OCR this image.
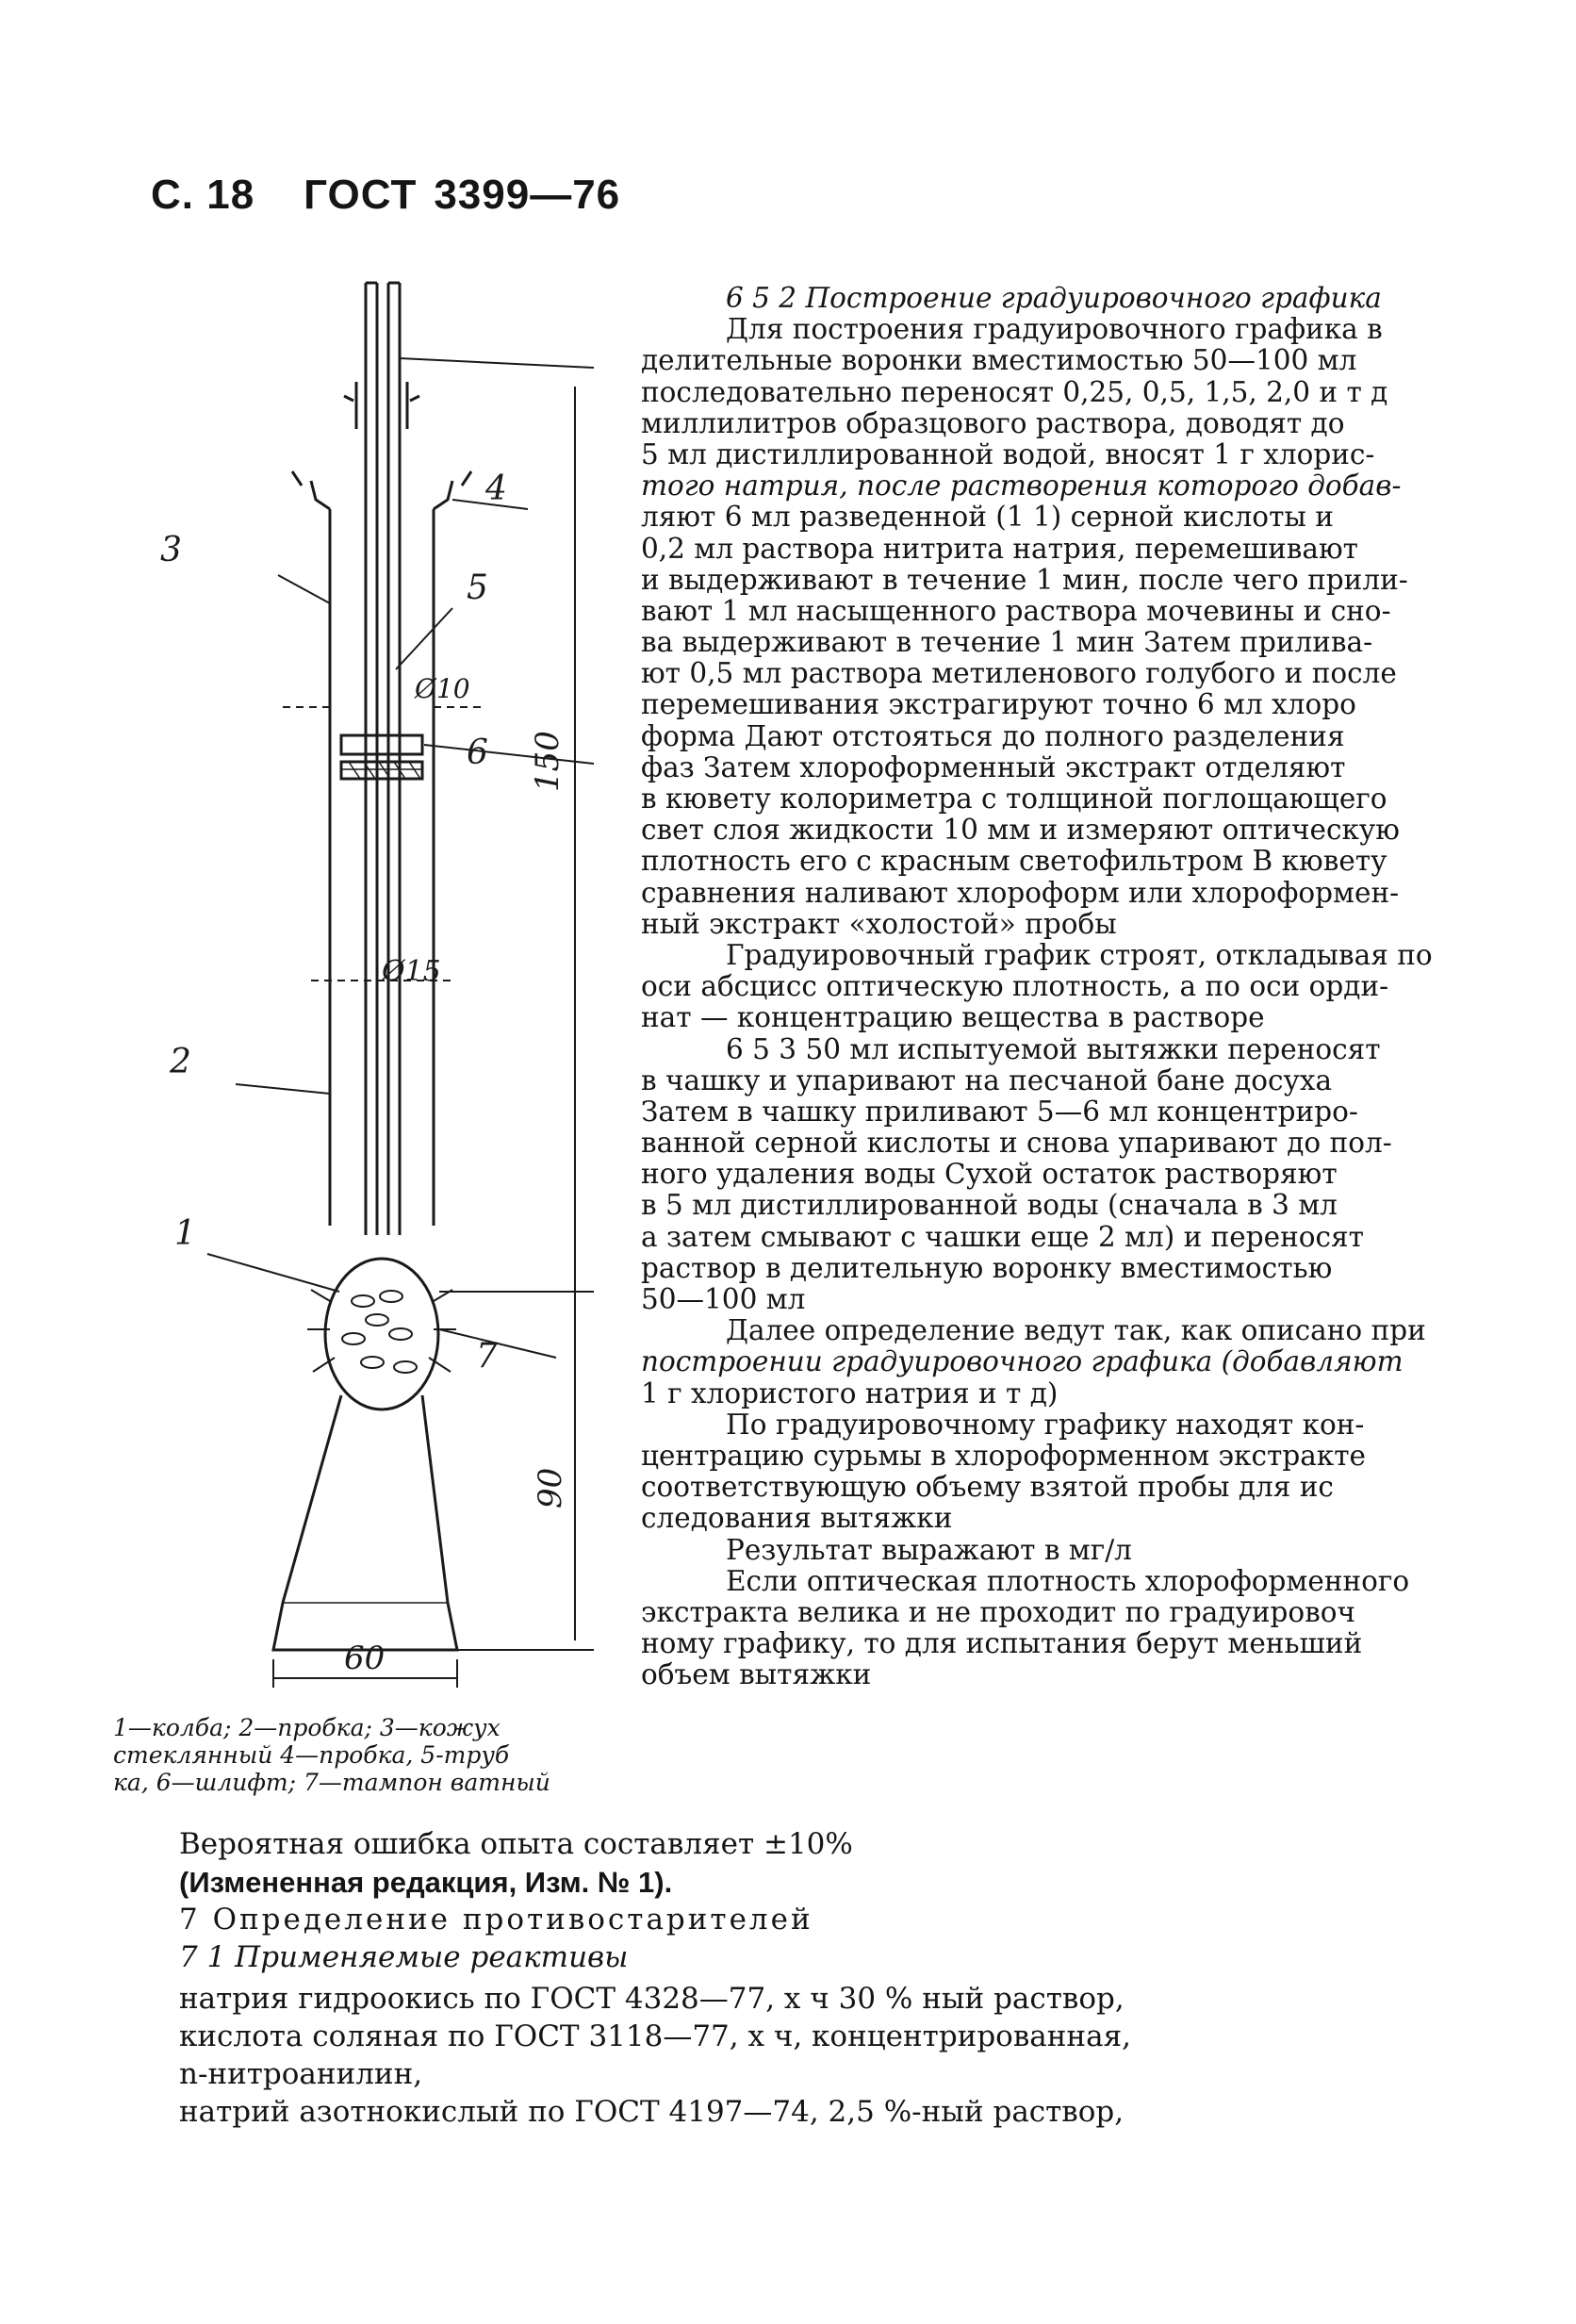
С. 18 ГОСТ 3399—76
3
4
5
6
7
2
1
Ø10
Ø15
150
90
60
1—колба; 2—пробка; 3—кожух
стеклянный 4—пробка, 5-труб
ка, 6—шлифт; 7—тампон ватный
6 5 2 Построение градуировочного графика
Для построения градуировочного графика в
делительные воронки вместимостью 50—100 мл
последовательно переносят 0,25, 0,5, 1,5, 2,0 и т д
миллилитров образцового раствора, доводят до
5 мл дистиллированной водой, вносят 1 г хлорис-
того натрия, после растворения которого добав-
ляют 6 мл разведенной (1 1) серной кислоты и
0,2 мл раствора нитрита натрия, перемешивают
и выдерживают в течение 1 мин, после чего прили-
вают 1 мл насыщенного раствора мочевины и сно-
ва выдерживают в течение 1 мин Затем прилива-
ют 0,5 мл раствора метиленового голубого и после
перемешивания экстрагируют точно 6 мл хлоро
форма Дают отстояться до полного разделения
фаз Затем хлороформенный экстракт отделяют
в кювету колориметра с толщиной поглощающего
свет слоя жидкости 10 мм и измеряют оптическую
плотность его с красным светофильтром В кювету
сравнения наливают хлороформ или хлороформен-
ный экстракт «холостой» пробы
Градуировочный график строят, откладывая по
оси абсцисс оптическую плотность, а по оси орди-
нат — концентрацию вещества в растворе
6 5 3 50 мл испытуемой вытяжки переносят
в чашку и упаривают на песчаной бане досуха
Затем в чашку приливают 5—6 мл концентриро-
ванной серной кислоты и снова упаривают до пол-
ного удаления воды Сухой остаток растворяют
в 5 мл дистиллированной воды (сначала в 3 мл
а затем смывают с чашки еще 2 мл) и переносят
раствор в делительную воронку вместимостью
50—100 мл
Далее определение ведут так, как описано при
построении градуировочного графика (добавляют
1 г хлористого натрия и т д)
По градуировочному графику находят кон-
центрацию сурьмы в хлороформенном экстракте
соответствующую объему взятой пробы для ис
следования вытяжки
Результат выражают в мг/л
Если оптическая плотность хлороформенного
экстракта велика и не проходит по градуировоч
ному графику, то для испытания берут меньший
объем вытяжки
Вероятная ошибка опыта составляет ±10%
(Измененная редакция, Изм. № 1).
7 Определение противостарителей
7 1 Применяемые реактивы
натрия гидроокись по ГОСТ 4328—77, х ч 30 % ный раствор,
кислота соляная по ГОСТ 3118—77, х ч, концентрированная,
n-нитроанилин,
натрий азотнокислый по ГОСТ 4197—74, 2,5 %-ный раствор,
